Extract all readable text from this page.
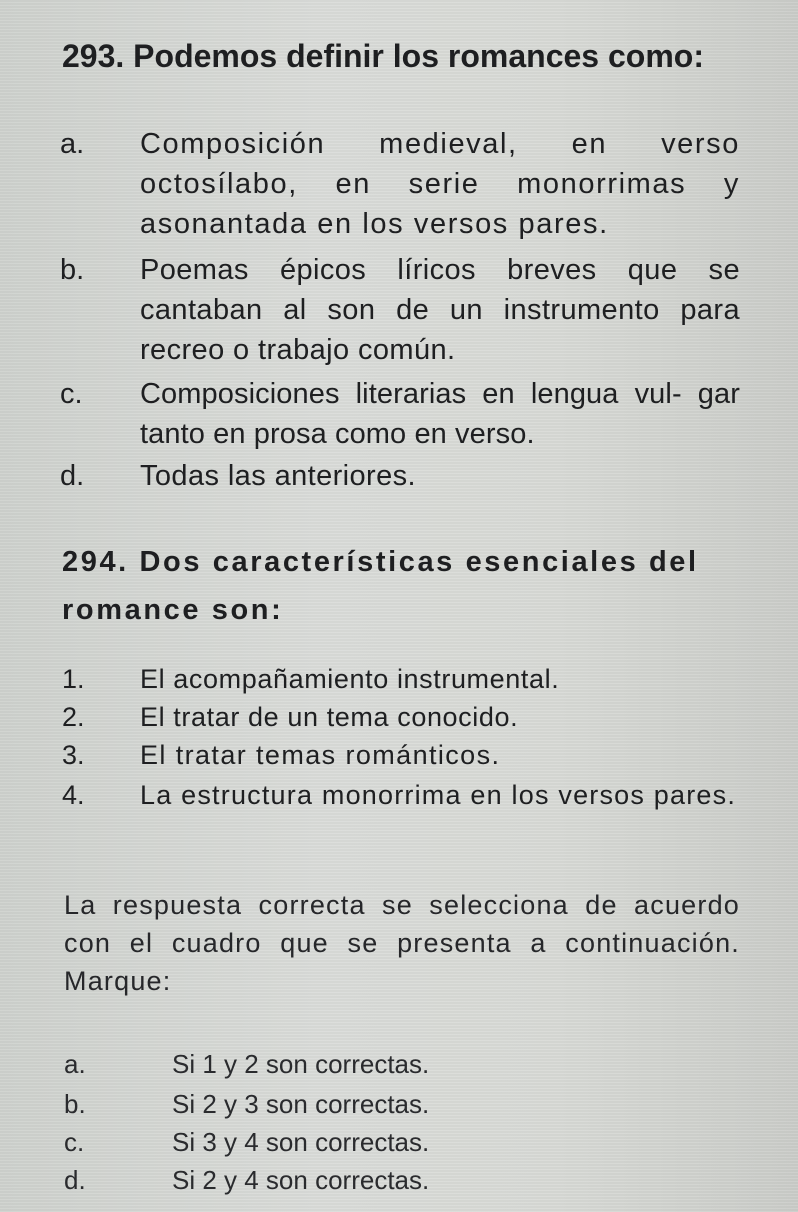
293. Podemos definir los romances como:
a. Composición medieval, en verso octosílabo, en serie monorrimas y asonantada en los versos pares.
b. Poemas épicos líricos breves que se cantaban al son de un instrumento para recreo o trabajo común.
c. Composiciones literarias en lengua vul- gar tanto en prosa como en verso.
d. Todas las anteriores.
294. Dos características esenciales del romance son:
1. El acompañamiento instrumental.
2. El tratar de un tema conocido.
3. El tratar temas románticos.
4. La estructura monorrima en los versos pares.
La respuesta correcta se selecciona de acuerdo con el cuadro que se presenta a continuación. Marque:
a.	Si 1 y 2 son correctas.
b.	Si 2 y 3 son correctas.
c.	Si 3 y 4 son correctas.
d.	Si 2 y 4 son correctas.
